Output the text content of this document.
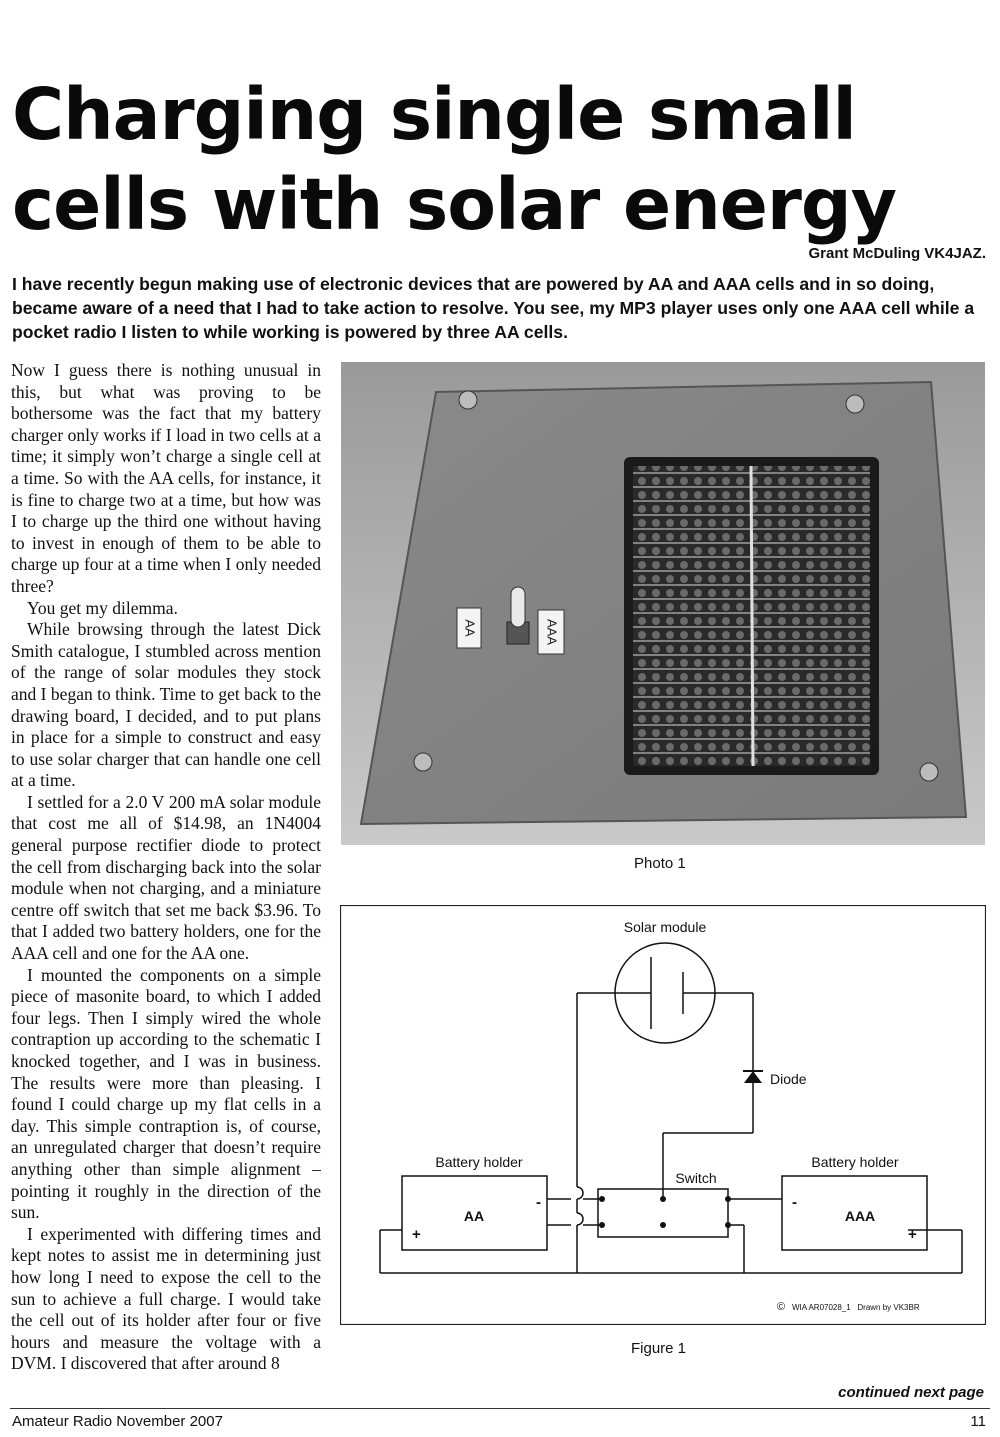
Charging single small
cells with solar energy
Grant McDuling VK4JAZ.

I have recently begun making use of electronic devices that are powered by AA and AAA cells and in so doing, became aware of a need that I had to take action to resolve. You see, my MP3 player uses only one AAA cell while a pocket radio I listen to while working is powered by three AA cells.

Now I guess there is nothing unusual in this, but what was proving to be bothersome was the fact that my battery charger only works if I load in two cells at a time; it simply won’t charge a single cell at a time. So with the AA cells, for instance, it is fine to charge two at a time, but how was I to charge up the third one without having to invest in enough of them to be able to charge up four at a time when I only needed three?

You get my dilemma.

While browsing through the latest Dick Smith catalogue, I stumbled across mention of the range of solar modules they stock and I began to think. Time to get back to the drawing board, I decided, and to put plans in place for a simple to construct and easy to use solar charger that can handle one cell at a time.

I settled for a 2.0 V 200 mA solar module that cost me all of $14.98, an 1N4004 general purpose rectifier diode to protect the cell from discharging back into the solar module when not charging, and a miniature centre off switch that set me back $3.96. To that I added two battery holders, one for the AAA cell and one for the AA one.

I mounted the components on a simple piece of masonite board, to which I added four legs. Then I simply wired the whole contraption up according to the schematic I knocked together, and I was in business. The results were more than pleasing. I found I could charge up my flat cells in a day. This simple contraption is, of course, an unregulated charger that doesn’t require anything other than simple alignment – pointing it roughly in the direction of the sun.

I experimented with differing times and kept notes to assist me in determining just how long I need to expose the cell to the sun to achieve a full charge. I would take the cell out of its holder after four or five hours and measure the voltage with a DVM. I discovered that after around 8

AA	AAA
Photo 1
Solar module
Diode
Switch
Battery holder
AA
+
-
Battery holder
AAA
-
+
© WIA AR07028_1   Drawn by VK3BR
Figure 1
continued next page
Amateur Radio November 2007	11
